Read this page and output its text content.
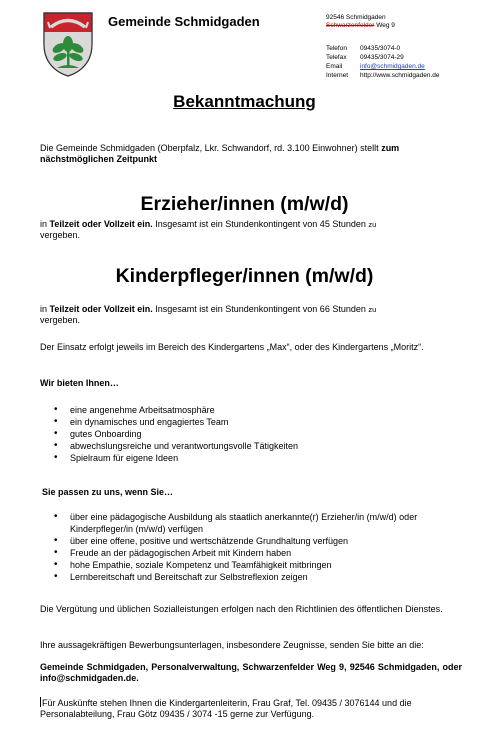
Gemeinde Schmidgaden	92546 Schmidgaden
Schwarzenfelder Weg 9
Telefon 09435/3074-0
Telefax 09435/3074-29
Email	info@schmidgaden.de
Internet http://www.schmidgaden.de
Bekanntmachung
Die Gemeinde Schmidgaden (Oberpfalz, Lkr. Schwandorf, rd. 3.100 Einwohner) stellt zum nächstmöglichen Zeitpunkt
Erzieher/innen (m/w/d)
in Teilzeit oder Vollzeit ein. Insgesamt ist ein Stundenkontingent von 45 Stunden zu
vergeben.
Kinderpfleger/innen (m/w/d)
in Teilzeit oder Vollzeit ein. Insgesamt ist ein Stundenkontingent von 66 Stunden zu
vergeben.
Der Einsatz erfolgt jeweils im Bereich des Kindergartens „Max“, oder des Kindergartens „Moritz“.
Wir bieten Ihnen…
• eine angenehme Arbeitsatmosphäre
• ein dynamisches und engagiertes Team
• gutes Onboarding
• abwechslungsreiche und verantwortungsvolle Tätigkeiten
• Spielraum für eigene Ideen
Sie passen zu uns, wenn Sie…
• über eine pädagogische Ausbildung als staatlich anerkannte(r) Erzieher/in (m/w/d) oder Kinderpfleger/in (m/w/d) verfügen
• über eine offene, positive und wertschätzende Grundhaltung verfügen
• Freude an der pädagogischen Arbeit mit Kindern haben
• hohe Empathie, soziale Kompetenz und Teamfähigkeit mitbringen
• Lernbereitschaft und Bereitschaft zur Selbstreflexion zeigen
Die Vergütung und üblichen Sozialleistungen erfolgen nach den Richtlinien des öffentlichen Dienstes.
Ihre aussagekräftigen Bewerbungsunterlagen, insbesondere Zeugnisse, senden Sie bitte an die:
Gemeinde Schmidgaden, Personalverwaltung, Schwarzenfelder Weg 9, 92546 Schmidgaden, oder info@schmidgaden.de.
Für Auskünfte stehen Ihnen die Kindergartenleiterin, Frau Graf, Tel. 09435 / 3076144 und die Personalabteilung, Frau Götz 09435 / 3074 -15 gerne zur Verfügung.
